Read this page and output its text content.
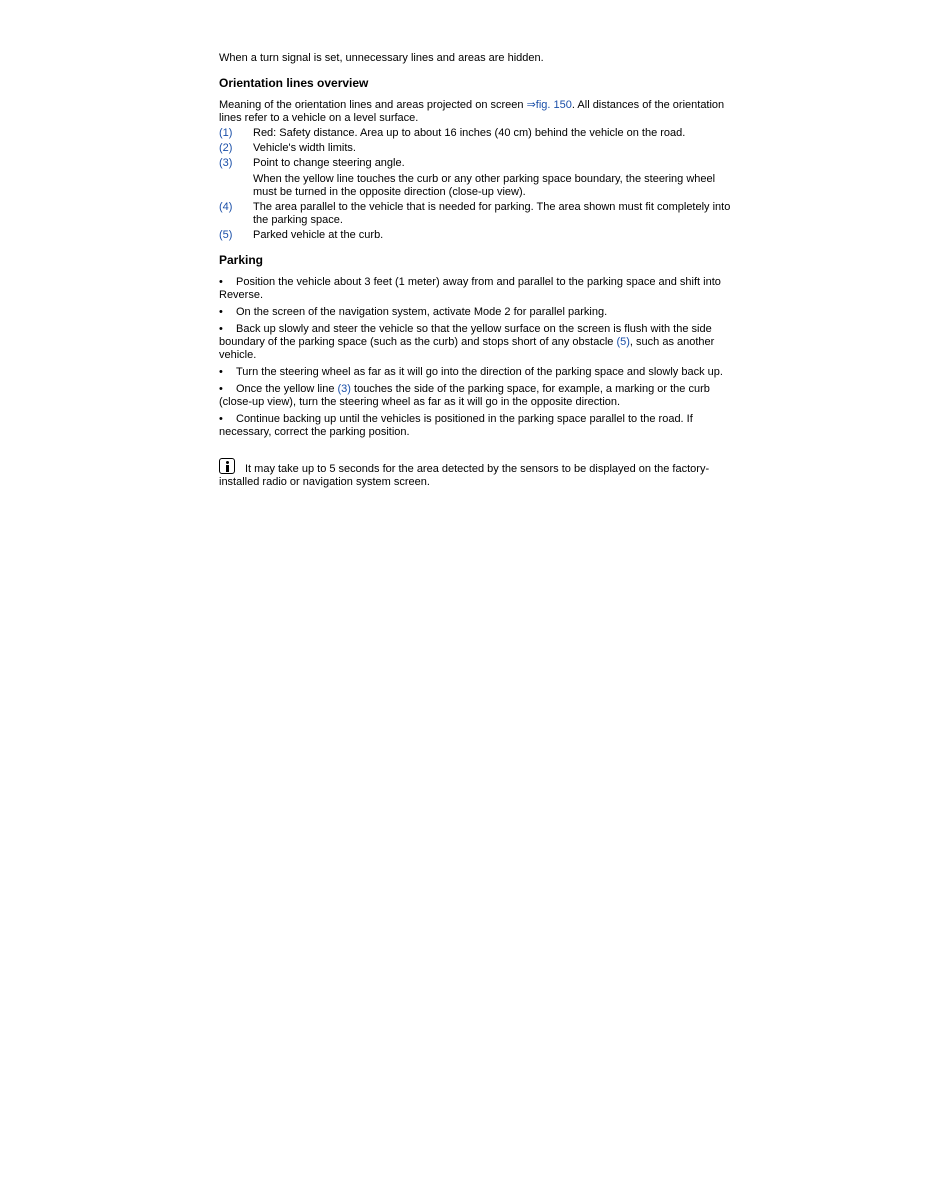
When a turn signal is set, unnecessary lines and areas are hidden.

Orientation lines overview

Meaning of the orientation lines and areas projected on screen ⇒fig. 150. All distances of the orientation lines refer to a vehicle on a level surface.

(1)	Red: Safety distance. Area up to about 16 inches (40 cm) behind the vehicle on the road.
(2)	Vehicle's width limits.
(3)	Point to change steering angle.
When the yellow line touches the curb or any other parking space boundary, the steering wheel must be turned in the opposite direction (close-up view).
(4)	The area parallel to the vehicle that is needed for parking. The area shown must fit completely into the parking space.
(5)	Parked vehicle at the curb.
Parking
• Position the vehicle about 3 feet (1 meter) away from and parallel to the parking space and shift into Reverse.
• On the screen of the navigation system, activate Mode 2 for parallel parking.
• Back up slowly and steer the vehicle so that the yellow surface on the screen is flush with the side boundary of the parking space (such as the curb) and stops short of any obstacle (5), such as another vehicle.
• Turn the steering wheel as far as it will go into the direction of the parking space and slowly back up.
• Once the yellow line (3) touches the side of the parking space, for example, a marking or the curb (close-up view), turn the steering wheel as far as it will go in the opposite direction.
• Continue backing up until the vehicles is positioned in the parking space parallel to the road. If necessary, correct the parking position.

It may take up to 5 seconds for the area detected by the sensors to be displayed on the factory-installed radio or navigation system screen.
